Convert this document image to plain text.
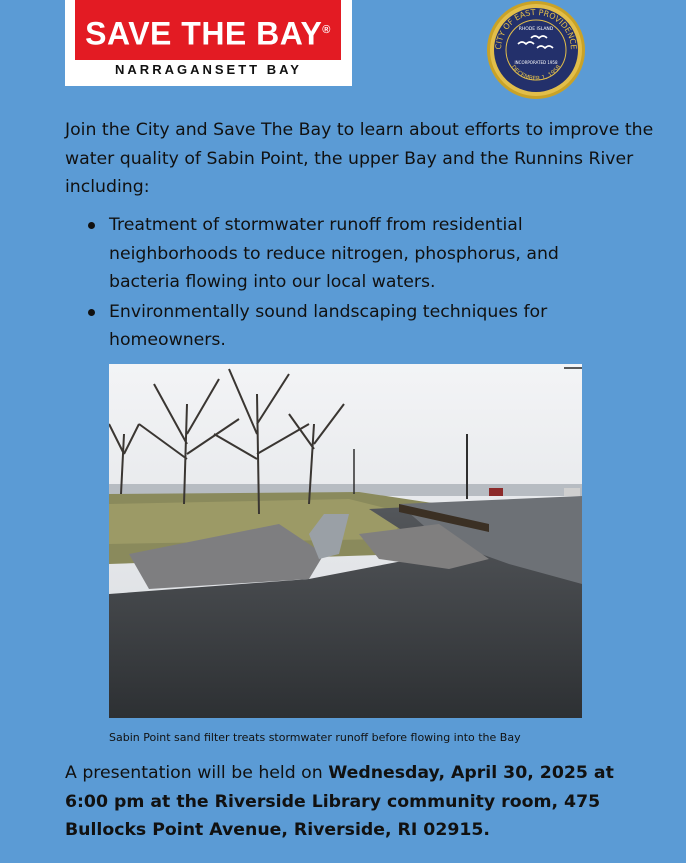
SAVE THE BAY®
NARRAGANSETT BAY
CITY OF EAST PROVIDENCE
RHODE ISLAND
INCORPORATED 1958
DECEMBER 1, 1958

Join the City and Save The Bay to learn about efforts to improve the water quality of Sabin Point, the upper Bay and the Runnins River including:

Treatment of stormwater runoff from residential neighborhoods to reduce nitrogen, phosphorus, and bacteria flowing into our local waters.
Environmentally sound landscaping techniques for homeowners.
Sabin Point sand filter treats stormwater runoff before flowing into the Bay

A presentation will be held on Wednesday, April 30, 2025 at 6:00 pm at the Riverside Library community room, 475 Bullocks Point Avenue, Riverside, RI 02915.
